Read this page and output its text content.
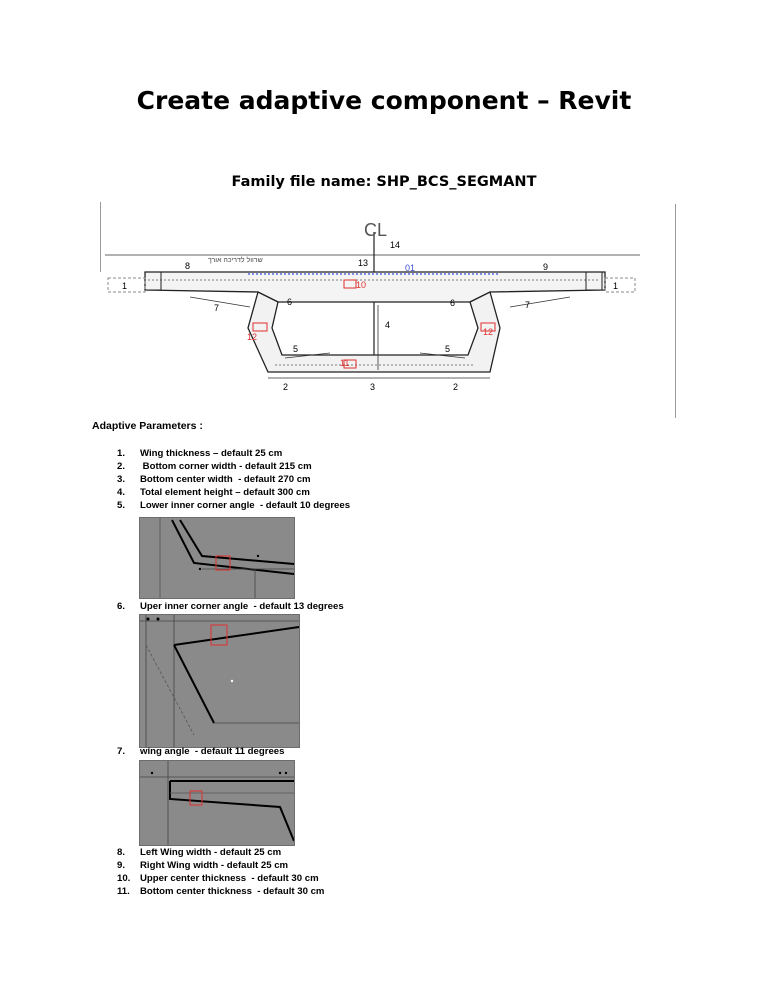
Create adaptive component – Revit
Family file name: SHP_BCS_SEGMANT
CL
שרוול לדריכה אורך
14
13	01
8	9
1	1
10
6	6
7	7
4
12	12
5	5
11
2	3	2
Adaptive Parameters :
1. Wing thickness – default 25 cm
2. Bottom corner width - default 215 cm
3. Bottom center width  - default 270 cm
4. Total element height – default 300 cm
5. Lower inner corner angle  - default 10 degrees
6. Uper inner corner angle  - default 13 degrees
7. wing angle  - default 11 degrees
8. Left Wing width - default 25 cm
9. Right Wing width - default 25 cm
10. Upper center thickness  - default 30 cm
11. Bottom center thickness  - default 30 cm
